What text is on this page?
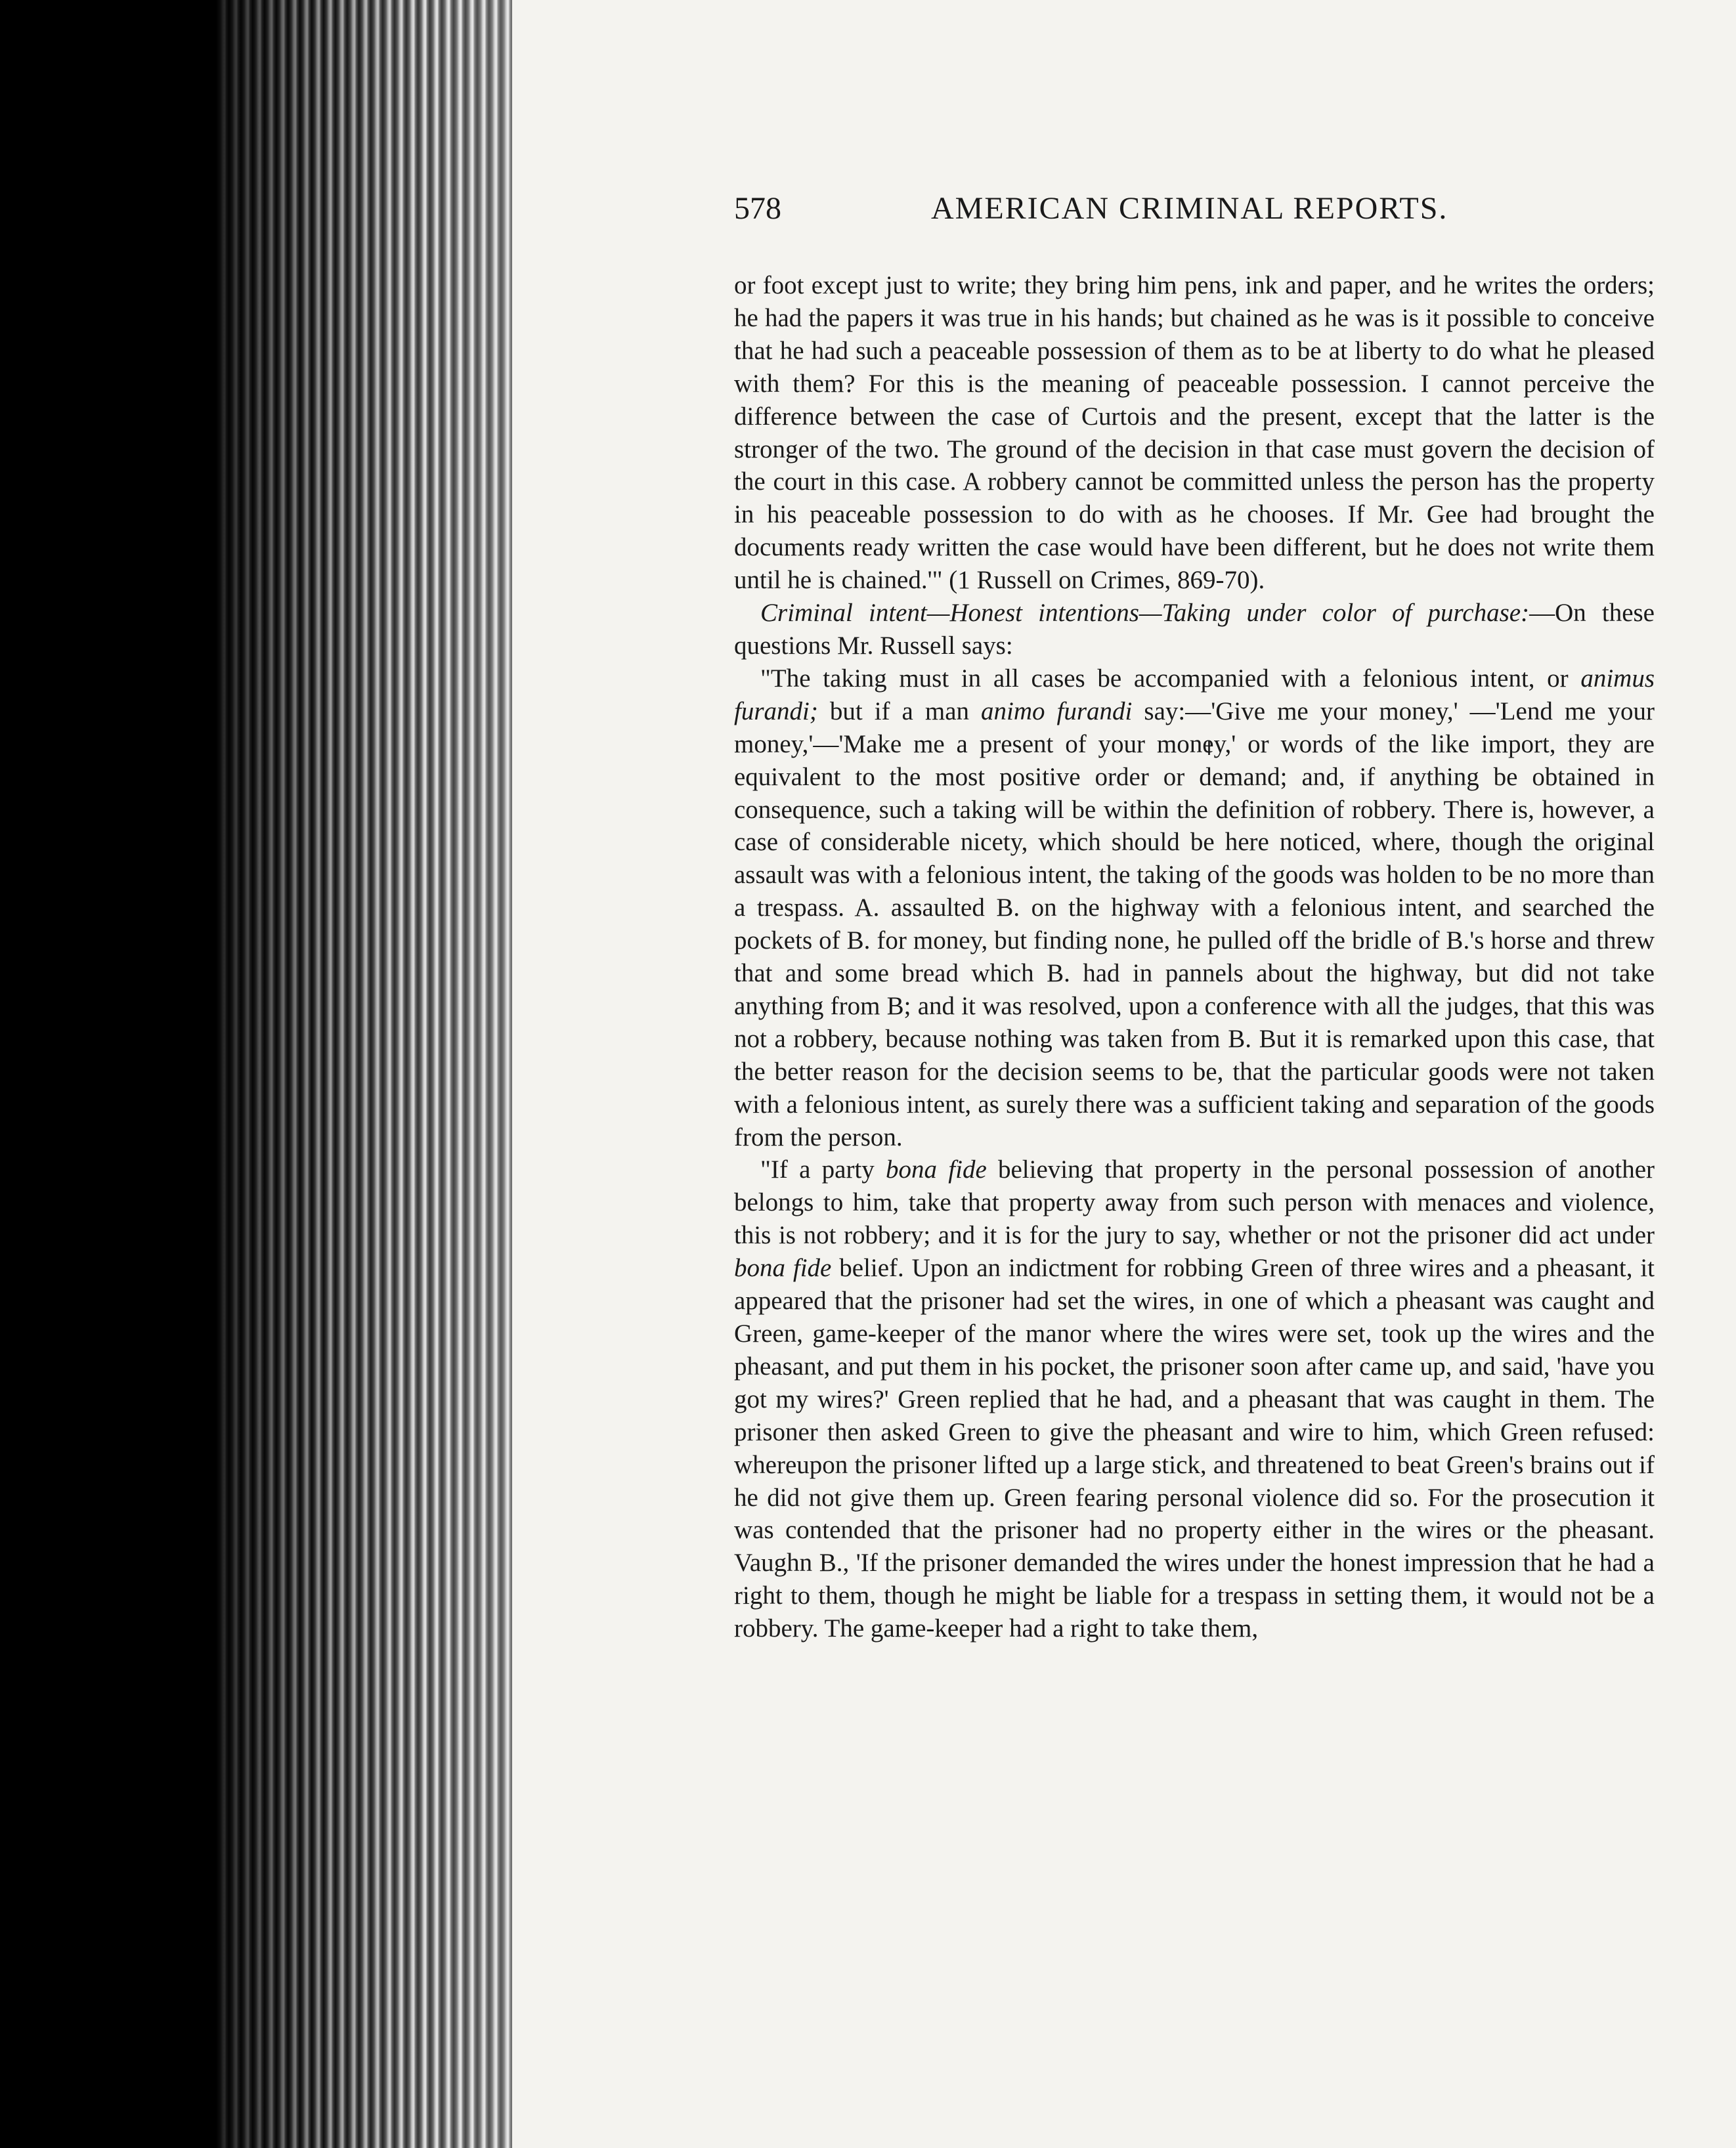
578	AMERICAN CRIMINAL REPORTS.

or foot except just to write; they bring him pens, ink and paper, and he writes the orders; he had the papers it was true in his hands; but chained as he was is it possible to conceive that he had such a peaceable possession of them as to be at liberty to do what he pleased with them? For this is the meaning of peaceable possession. I cannot perceive the difference between the case of Curtois and the present, except that the latter is the stronger of the two. The ground of the decision in that case must govern the decision of the court in this case. A robbery cannot be committed unless the person has the property in his peaceable possession to do with as he chooses. If Mr. Gee had brought the documents ready written the case would have been different, but he does not write them until he is chained.'" (1 Russell on Crimes, 869-70).

Criminal intent—Honest intentions—Taking under color of purchase:—On these questions Mr. Russell says:

"The taking must in all cases be accompanied with a felonious intent, or animus furandi; but if a man animo furandi say:—'Give me your money,' —'Lend me your money,'—'Make me a present of your money,' or words of the like import, they are equivalent to the most positive order or demand; and, if anything be obtained in consequence, such a taking will be within the definition of robbery. There is, however, a case of considerable nicety, which should be here noticed, where, though the original assault was with a felonious intent, the taking of the goods was holden to be no more than a trespass. A. assaulted B. on the highway with a felonious intent, and searched the pockets of B. for money, but finding none, he pulled off the bridle of B.'s horse and threw that and some bread which B. had in pannels about the highway, but did not take anything from B; and it was resolved, upon a conference with all the judges, that this was not a robbery, because nothing was taken from B. But it is remarked upon this case, that the better reason for the decision seems to be, that the particular goods were not taken with a felonious intent, as surely there was a sufficient taking and separation of the goods from the person.

"If a party bona fide believing that property in the personal possession of another belongs to him, take that property away from such person with menaces and violence, this is not robbery; and it is for the jury to say, whether or not the prisoner did act under bona fide belief. Upon an indictment for robbing Green of three wires and a pheasant, it appeared that the prisoner had set the wires, in one of which a pheasant was caught and Green, game-keeper of the manor where the wires were set, took up the wires and the pheasant, and put them in his pocket, the prisoner soon after came up, and said, 'have you got my wires?' Green replied that he had, and a pheasant that was caught in them. The prisoner then asked Green to give the pheasant and wire to him, which Green refused: whereupon the prisoner lifted up a large stick, and threatened to beat Green's brains out if he did not give them up. Green fearing personal violence did so. For the prosecution it was contended that the prisoner had no property either in the wires or the pheasant. Vaughn B., 'If the prisoner demanded the wires under the honest impression that he had a right to them, though he might be liable for a trespass in setting them, it would not be a robbery. The game-keeper had a right to take them,
